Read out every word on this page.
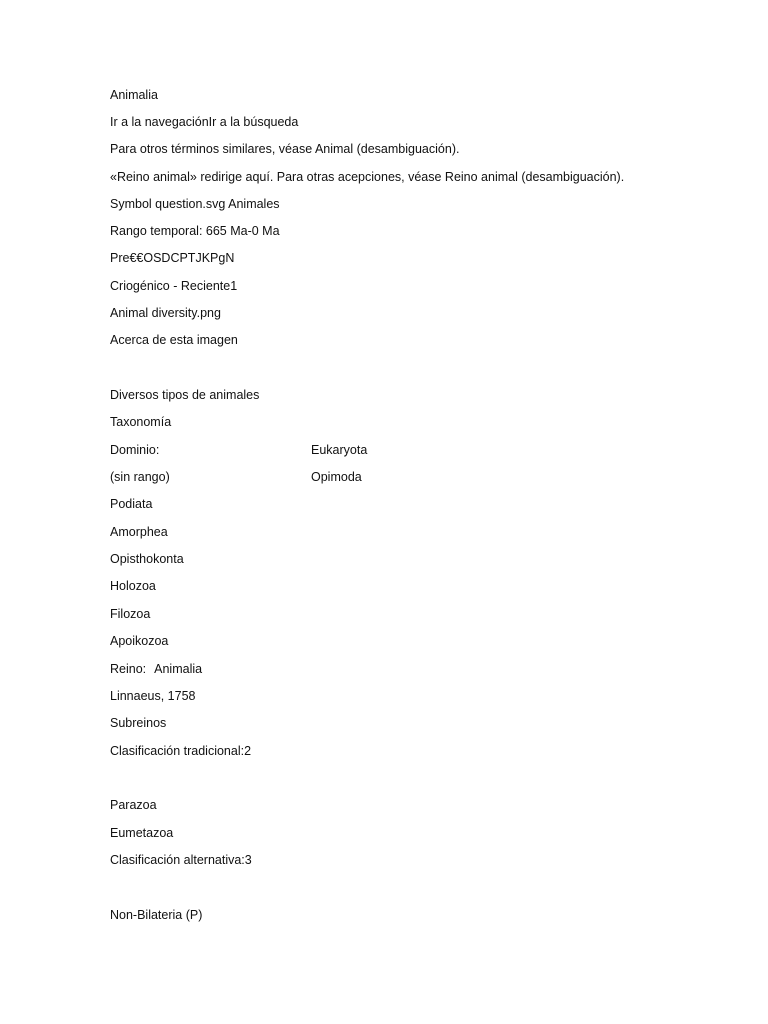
Animalia
Ir a la navegaciónIr a la búsqueda
Para otros términos similares, véase Animal (desambiguación).
«Reino animal» redirige aquí. Para otras acepciones, véase Reino animal (desambiguación).
Symbol question.svg Animales
Rango temporal: 665 Ma-0 Ma
Pre€€OSDCPTJKPgN
Criogénico - Reciente1
Animal diversity.png
Acerca de esta imagen
Diversos tipos de animales
Taxonomía
Dominio:	Eukaryota
(sin rango)	Opimoda
Podiata
Amorphea
Opisthokonta
Holozoa
Filozoa
Apoikozoa
Reino: Animalia
Linnaeus, 1758
Subreinos
Clasificación tradicional:2
Parazoa
Eumetazoa
Clasificación alternativa:3
Non-Bilateria (P)
